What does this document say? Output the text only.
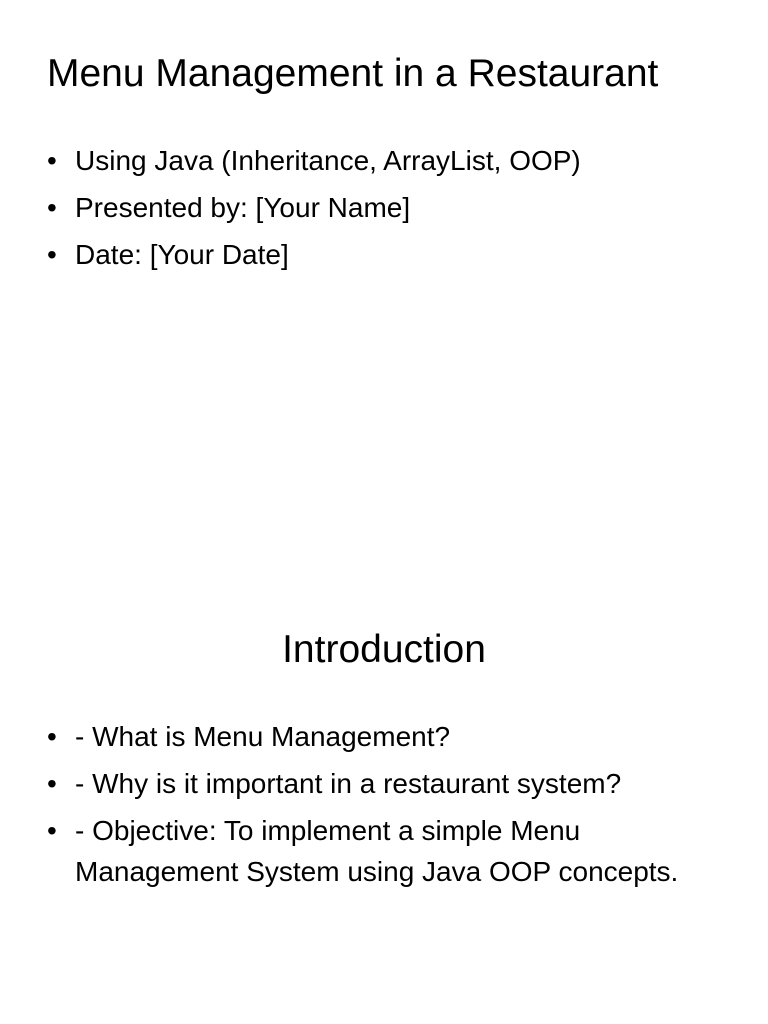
Menu Management in a Restaurant
• Using Java (Inheritance, ArrayList, OOP)
• Presented by: [Your Name]
• Date: [Your Date]
Introduction
• - What is Menu Management?
• - Why is it important in a restaurant system?
• - Objective: To implement a simple Menu Management System using Java OOP concepts.
